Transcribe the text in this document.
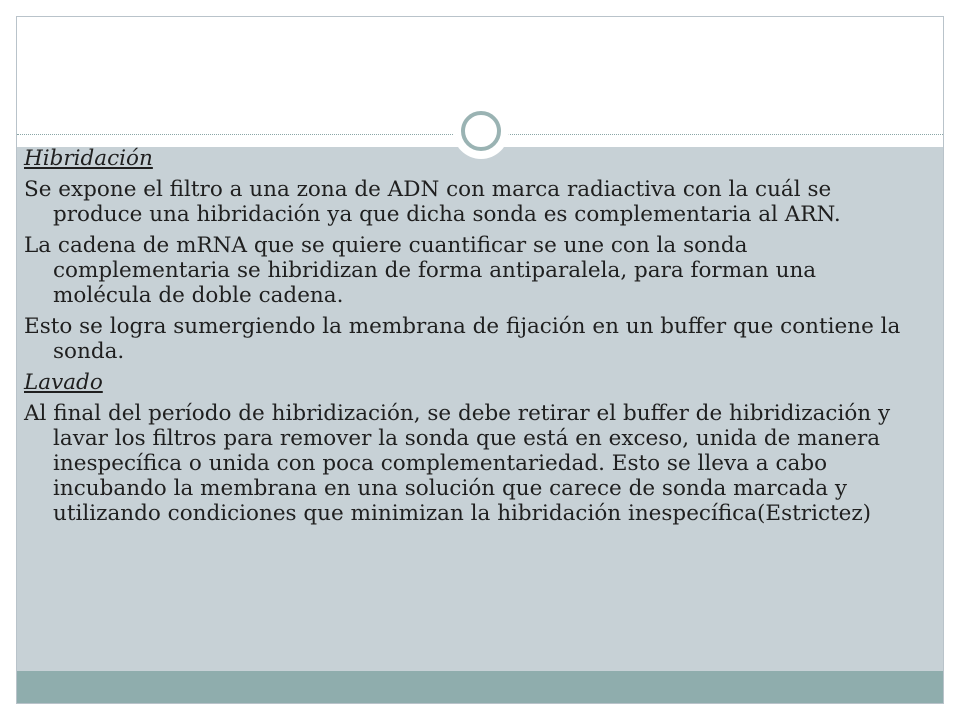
Hibridación

Se expone el filtro a una zona de ADN con marca radiactiva con la cuál se produce una hibridación ya que dicha sonda es complementaria al ARN.

La cadena de mRNA que se quiere cuantificar se une con la sonda complementaria se hibridizan de forma antiparalela, para forman una molécula de doble cadena.

Esto se logra sumergiendo la membrana de fijación en un buffer que contiene la sonda.

Lavado

Al final del período de hibridización, se debe retirar el buffer de hibridización y lavar los filtros para remover la sonda que está en exceso, unida de manera inespecífica o unida con poca complementariedad. Esto se lleva a cabo incubando la membrana en una solución que carece de sonda marcada y utilizando condiciones que minimizan la hibridación inespecífica(Estrictez)
